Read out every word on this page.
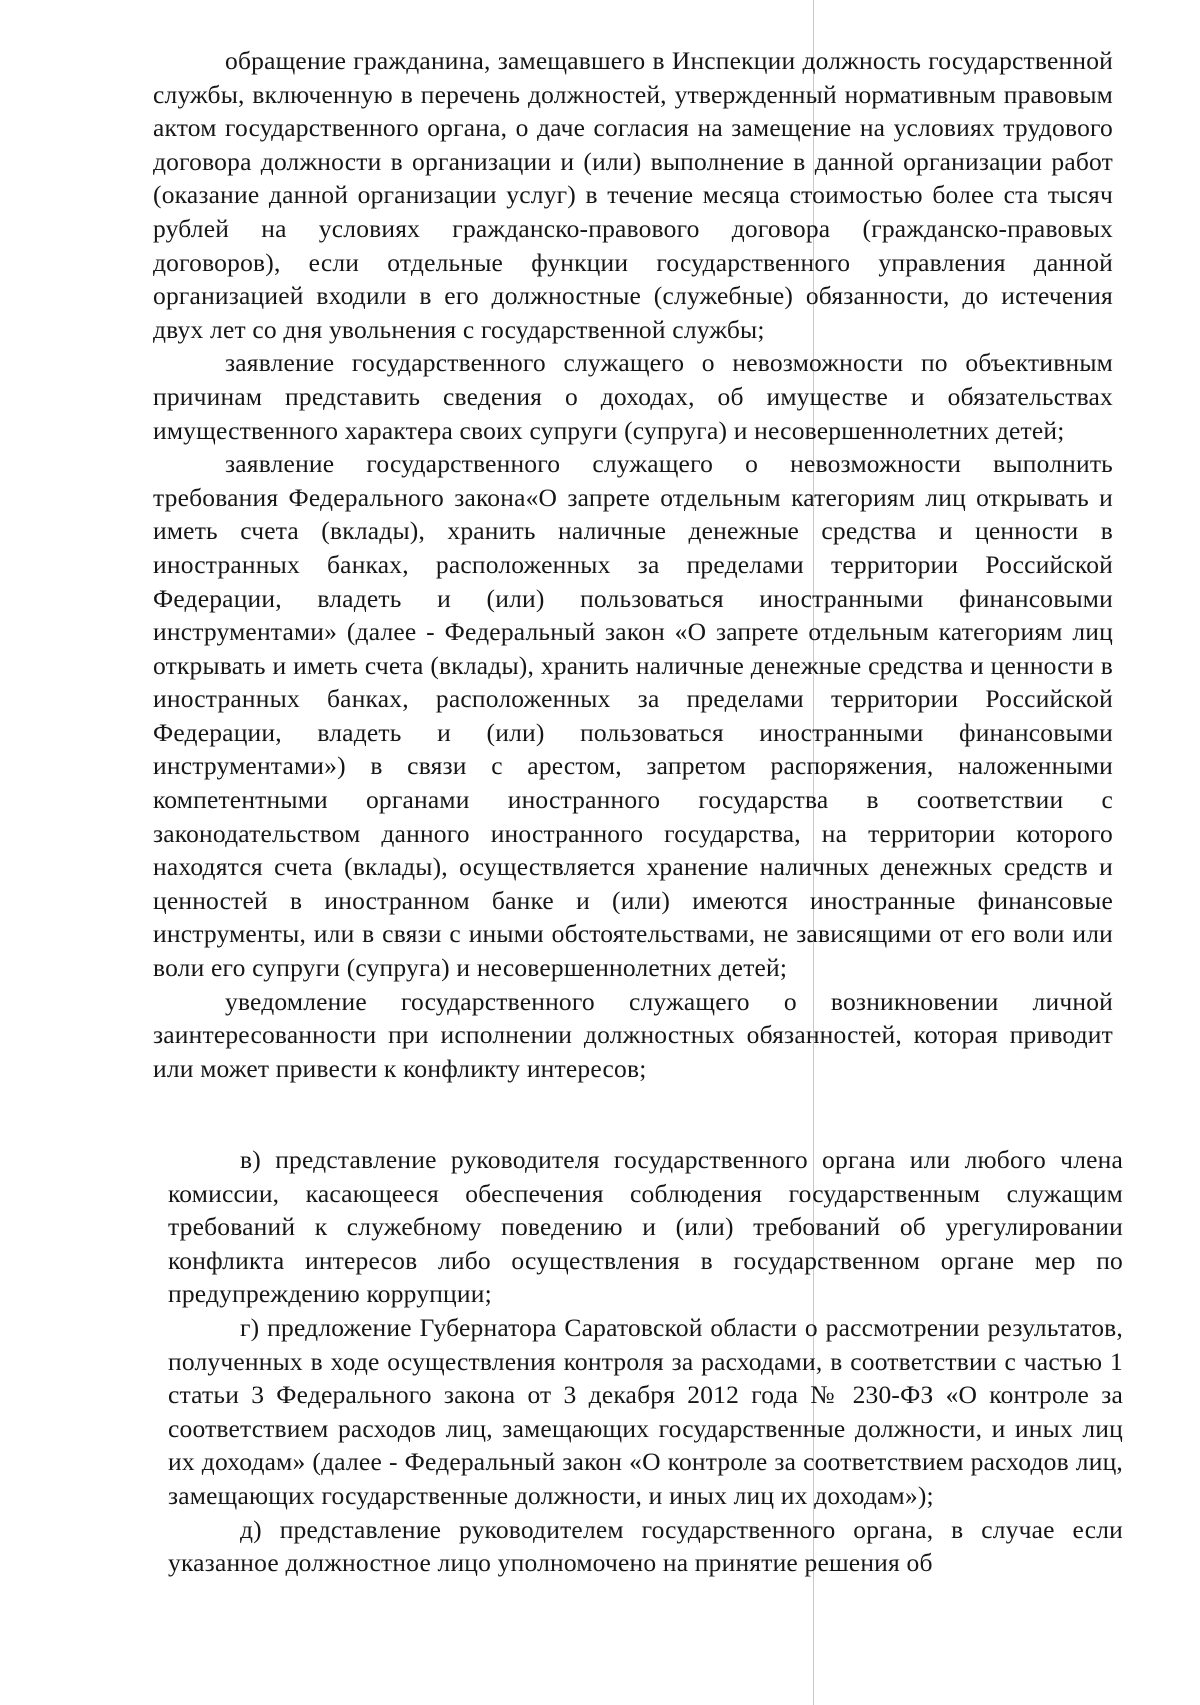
обращение гражданина, замещавшего в Инспекции должность государственной службы, включенную в перечень должностей, утвержденный нормативным правовым актом государственного органа, о даче согласия на замещение на условиях трудового договора должности в организации и (или) выполнение в данной организации работ (оказание данной организации услуг) в течение месяца стоимостью более ста тысяч рублей на условиях гражданско-правового договора (гражданско-правовых договоров), если отдельные функции государственного управления данной организацией входили в его должностные (служебные) обязанности, до истечения двух лет со дня увольнения с государственной службы;

заявление государственного служащего о невозможности по объективным причинам представить сведения о доходах, об имуществе и обязательствах имущественного характера своих супруги (супруга) и несовершеннолетних детей;

заявление государственного служащего о невозможности выполнить требования Федерального закона«О запрете отдельным категориям лиц открывать и иметь счета (вклады), хранить наличные денежные средства и ценности в иностранных банках, расположенных за пределами территории Российской Федерации, владеть и (или) пользоваться иностранными финансовыми инструментами» (далее - Федеральный закон «О запрете отдельным категориям лиц открывать и иметь счета (вклады), хранить наличные денежные средства и ценности в иностранных банках, расположенных за пределами территории Российской Федерации, владеть и (или) пользоваться иностранными финансовыми инструментами») в связи с арестом, запретом распоряжения, наложенными компетентными органами иностранного государства в соответствии с законодательством данного иностранного государства, на территории которого находятся счета (вклады), осуществляется хранение наличных денежных средств и ценностей в иностранном банке и (или) имеются иностранные финансовые инструменты, или в связи с иными обстоятельствами, не зависящими от его воли или воли его супруги (супруга) и несовершеннолетних детей;

уведомление государственного служащего о возникновении личной заинтересованности при исполнении должностных обязанностей, которая приводит или может привести к конфликту интересов;

в) представление руководителя государственного органа или любого члена комиссии, касающееся обеспечения соблюдения государственным служащим требований к служебному поведению и (или) требований об урегулировании конфликта интересов либо осуществления в государственном органе мер по предупреждению коррупции;

г) предложение Губернатора Саратовской области о рассмотрении результатов, полученных в ходе осуществления контроля за расходами, в соответствии с частью 1 статьи 3 Федерального закона от 3 декабря 2012 года № 230-ФЗ «О контроле за соответствием расходов лиц, замещающих государственные должности, и иных лиц их доходам» (далее - Федеральный закон «О контроле за соответствием расходов лиц, замещающих государственные должности, и иных лиц их доходам»);

д) представление руководителем государственного органа, в случае если указанное должностное лицо уполномочено на принятие решения об
